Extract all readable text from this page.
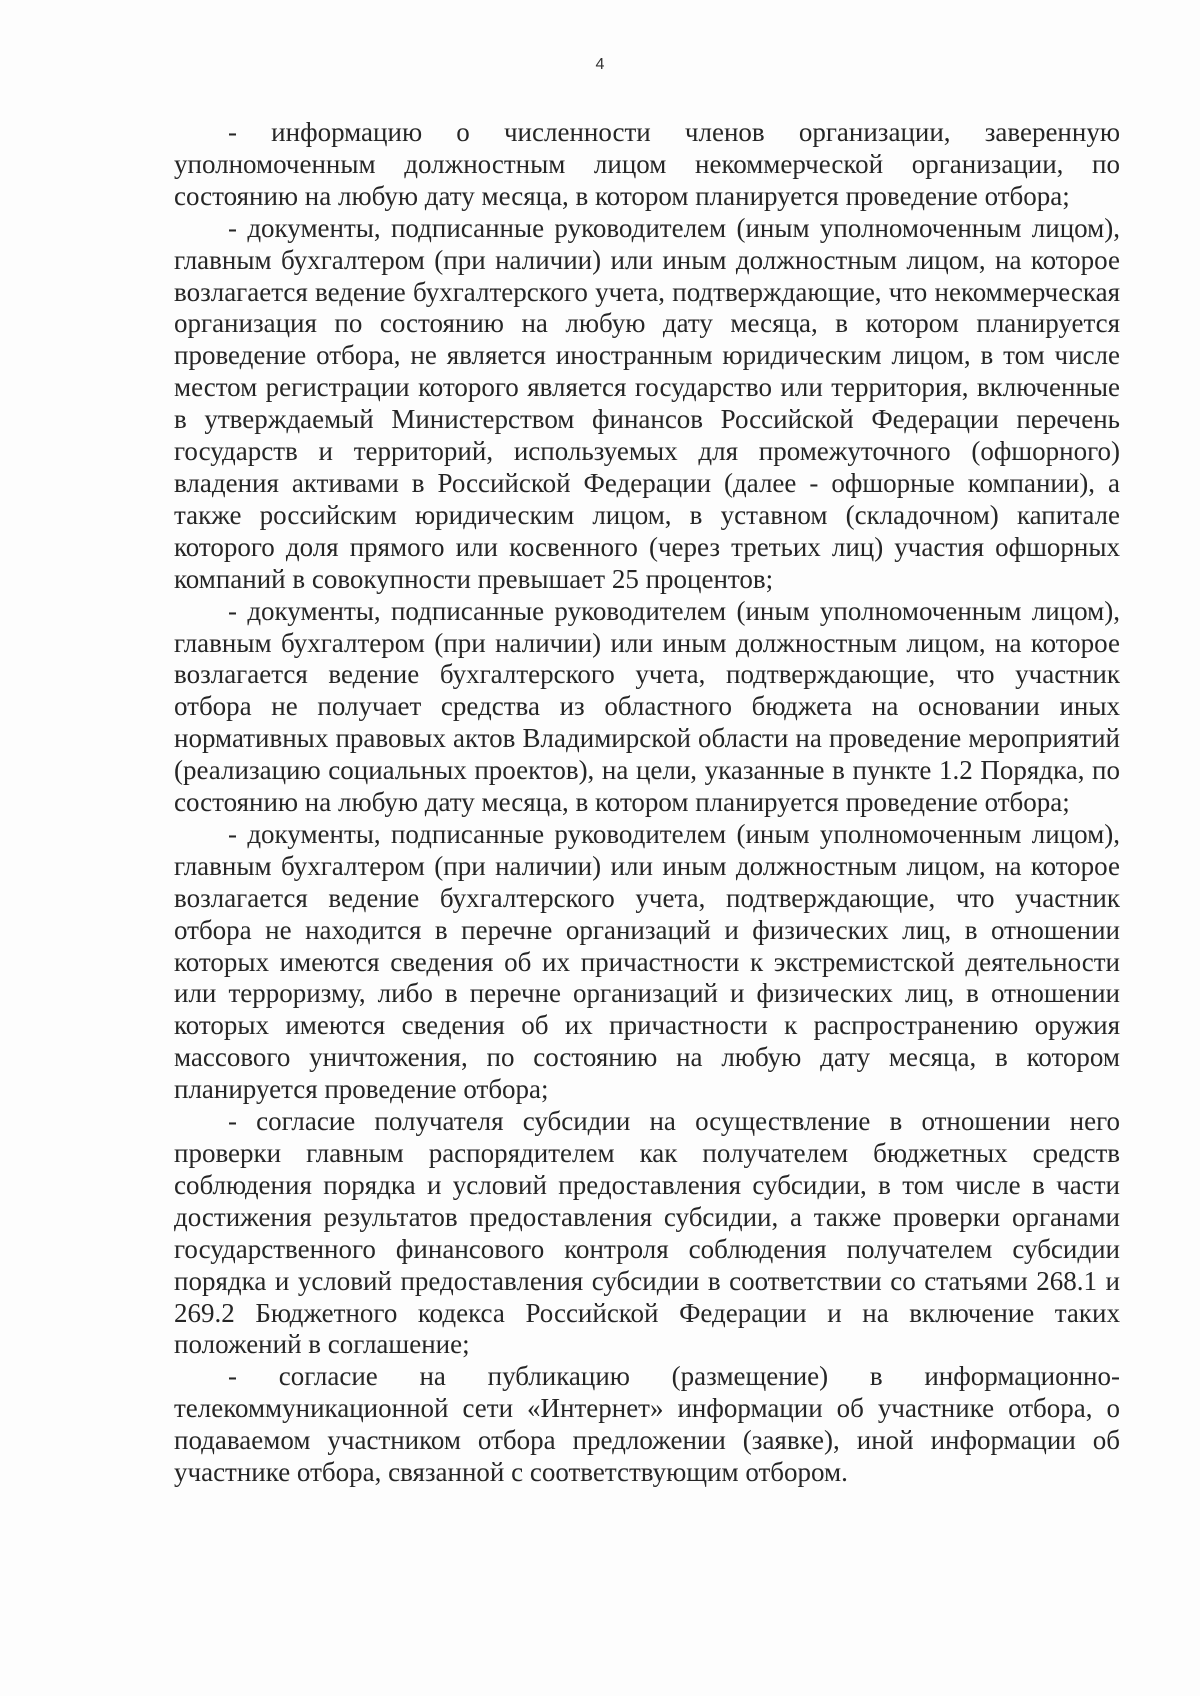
4

- информацию о численности членов организации, заверенную уполномоченным должностным лицом некоммерческой организации, по состоянию на любую дату месяца, в котором планируется проведение отбора;

- документы, подписанные руководителем (иным уполномоченным лицом), главным бухгалтером (при наличии) или иным должностным лицом, на которое возлагается ведение бухгалтерского учета, подтверждающие, что некоммерческая организация по состоянию на любую дату месяца, в котором планируется проведение отбора, не является иностранным юридическим лицом, в том числе местом регистрации которого является государство или территория, включенные в утверждаемый Министерством финансов Российской Федерации перечень государств и территорий, используемых для промежуточного (офшорного) владения активами в Российской Федерации (далее - офшорные компании), а также российским юридическим лицом, в уставном (складочном) капитале которого доля прямого или косвенного (через третьих лиц) участия офшорных компаний в совокупности превышает 25 процентов;

- документы, подписанные руководителем (иным уполномоченным лицом), главным бухгалтером (при наличии) или иным должностным лицом, на которое возлагается ведение бухгалтерского учета, подтверждающие, что участник отбора не получает средства из областного бюджета на основании иных нормативных правовых актов Владимирской области на проведение мероприятий (реализацию социальных проектов), на цели, указанные в пункте 1.2 Порядка, по состоянию на любую дату месяца, в котором планируется проведение отбора;

- документы, подписанные руководителем (иным уполномоченным лицом), главным бухгалтером (при наличии) или иным должностным лицом, на которое возлагается ведение бухгалтерского учета, подтверждающие, что участник отбора не находится в перечне организаций и физических лиц, в отношении которых имеются сведения об их причастности к экстремистской деятельности или терроризму, либо в перечне организаций и физических лиц, в отношении которых имеются сведения об их причастности к распространению оружия массового уничтожения, по состоянию на любую дату месяца, в котором планируется проведение отбора;

- согласие получателя субсидии на осуществление в отношении него проверки главным распорядителем как получателем бюджетных средств соблюдения порядка и условий предоставления субсидии, в том числе в части достижения результатов предоставления субсидии, а также проверки органами государственного финансового контроля соблюдения получателем субсидии порядка и условий предоставления субсидии в соответствии со статьями 268.1 и 269.2 Бюджетного кодекса Российской Федерации и на включение таких положений в соглашение;

- согласие на публикацию (размещение) в информационно-телекоммуникационной сети «Интернет» информации об участнике отбора, о подаваемом участником отбора предложении (заявке), иной информации об участнике отбора, связанной с соответствующим отбором.
